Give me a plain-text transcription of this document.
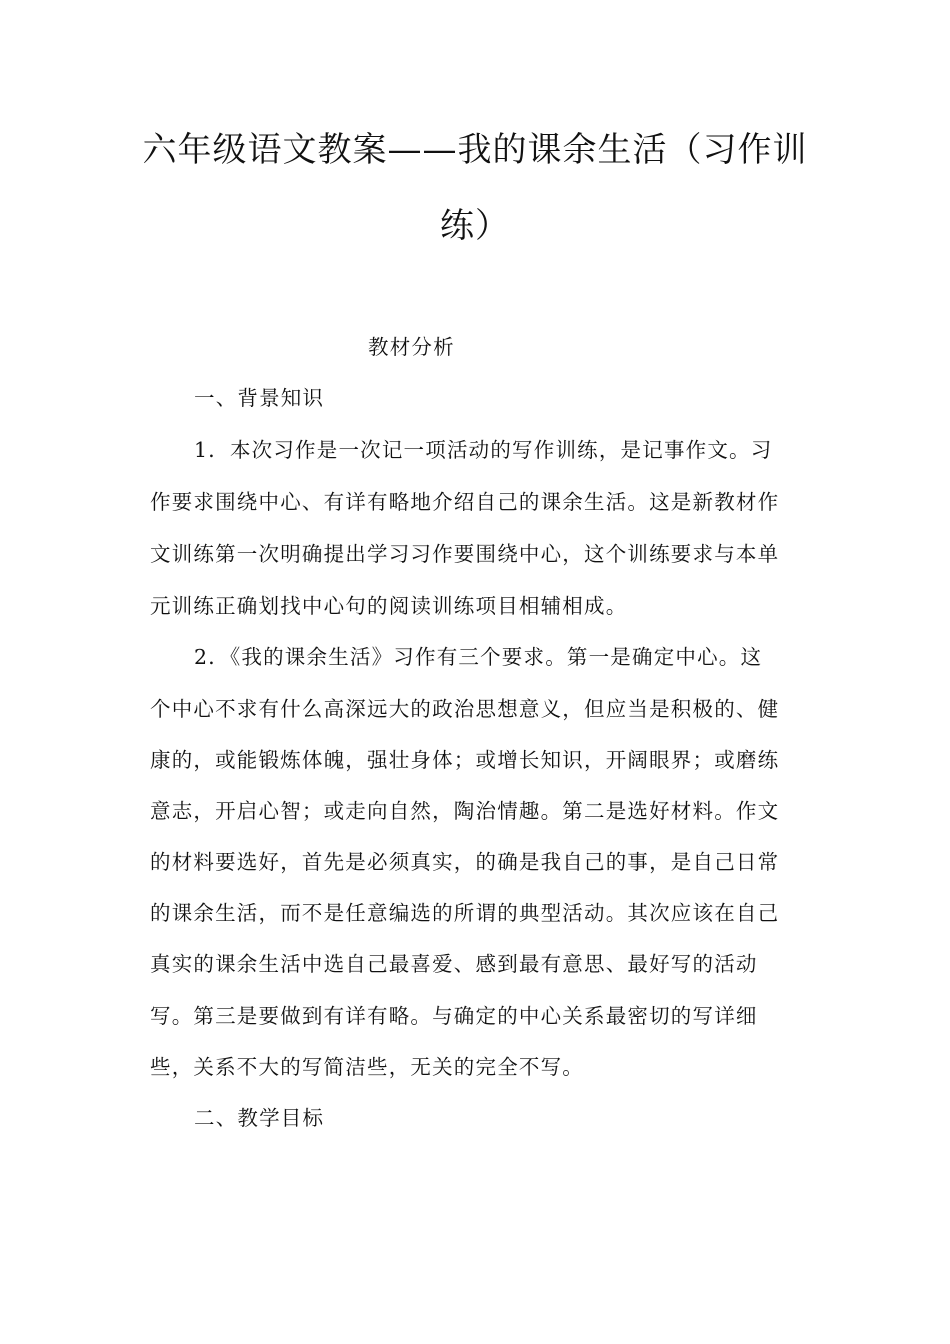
六年级语文教案——我的课余生活（习作训
练）
教材分析
一、背景知识
1．本次习作是一次记一项活动的写作训练，是记事作文。习
作要求围绕中心、有详有略地介绍自己的课余生活。这是新教材作
文训练第一次明确提出学习习作要围绕中心，这个训练要求与本单
元训练正确划找中心句的阅读训练项目相辅相成。
2．《我的课余生活》习作有三个要求。第一是确定中心。这
个中心不求有什么高深远大的政治思想意义，但应当是积极的、健
康的，或能锻炼体魄，强壮身体；或增长知识，开阔眼界；或磨练
意志，开启心智；或走向自然，陶治情趣。第二是选好材料。作文
的材料要选好，首先是必须真实，的确是我自己的事，是自己日常
的课余生活，而不是任意编选的所谓的典型活动。其次应该在自己
真实的课余生活中选自己最喜爱、感到最有意思、最好写的活动
写。第三是要做到有详有略。与确定的中心关系最密切的写详细
些，关系不大的写简洁些，无关的完全不写。
二、教学目标
